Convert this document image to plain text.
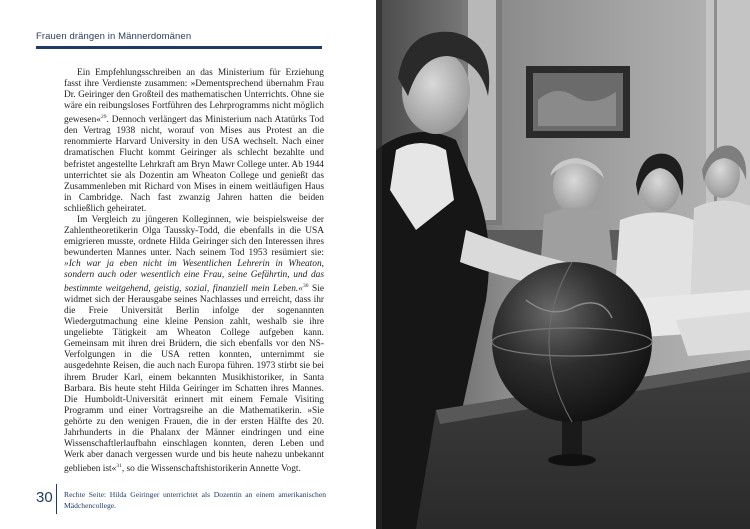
Frauen drängen in Männerdomänen

Ein Empfehlungsschreiben an das Ministerium für Erziehung fasst ihre Verdienste zusammen: »Dementsprechend übernahm Frau Dr. Geiringer den Großteil des mathematischen Unterrichts. Ohne sie wäre ein reibungsloses Fortführen des Lehrprogramms nicht möglich gewesen«$^{29}$. Dennoch verlängert das Ministerium nach Atatürks Tod den Vertrag 1938 nicht, worauf von Mises aus Protest an die renommierte Harvard University in den USA wechselt. Nach einer dramatischen Flucht kommt Geiringer als schlecht bezahlte und befristet angestellte Lehrkraft am Bryn Mawr College unter. Ab 1944 unterrichtet sie als Dozentin am Wheaton College und genießt das Zusammenleben mit Richard von Mises in einem weitläufigen Haus in Cambridge. Nach fast zwanzig Jahren hatten die beiden schließlich geheiratet.

Im Vergleich zu jüngeren Kolleginnen, wie beispielsweise der Zahlentheoretikerin Olga Taussky-Todd, die ebenfalls in die USA emigrieren musste, ordnete Hilda Geiringer sich den Interessen ihres bewunderten Mannes unter. Nach seinem Tod 1953 resümiert sie: »Ich war ja eben nicht im Wesentlichen Lehrerin in Wheaton, sondern auch oder wesentlich eine Frau, seine Gefährtin, und das bestimmte weitgehend, geistig, sozial, finanziell mein Leben.«$^{30}$ Sie widmet sich der Herausgabe seines Nachlasses und erreicht, dass ihr die Freie Universität Berlin infolge der sogenannten Wiedergutmachung eine kleine Pension zahlt, weshalb sie ihre ungeliebte Tätigkeit am Wheaton College aufgeben kann. Gemeinsam mit ihren drei Brüdern, die sich ebenfalls vor den NS-Verfolgungen in die USA retten konnten, unternimmt sie ausgedehnte Reisen, die auch nach Europa führen. 1973 stirbt sie bei ihrem Bruder Karl, einem bekannten Musikhistoriker, in Santa Barbara. Bis heute steht Hilda Geiringer im Schatten ihres Mannes. Die Humboldt-Universität erinnert mit einem Female Visiting Programm und einer Vortragsreihe an die Mathematikerin. »Sie gehörte zu den wenigen Frauen, die in der ersten Hälfte des 20. Jahrhunderts in die Phalanx der Männer eindringen und eine Wissenschaftlerlaufbahn einschlagen konnten, deren Leben und Werk aber danach vergessen wurde und bis heute nahezu unbekannt geblieben ist«$^{31}$, so die Wissenschaftshistorikerin Annette Vogt.

30 Rechte Seite: Hilda Geiringer unterrichtet als Dozentin an einem amerikanischen Mädchencollege.
